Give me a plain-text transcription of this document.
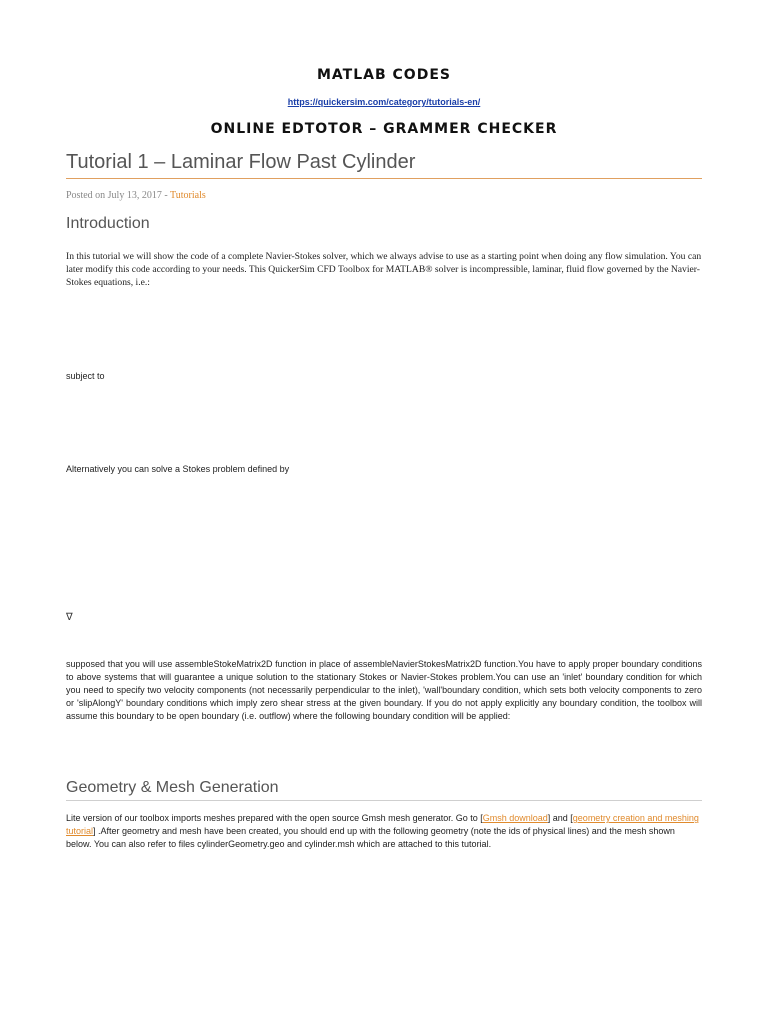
MATLAB CODES
https://quickersim.com/category/tutorials-en/
ONLINE EDTOTOR – GRAMMER CHECKER
Tutorial 1 – Laminar Flow Past Cylinder
Posted on July 13, 2017 - Tutorials
Introduction
In this tutorial we will show the code of a complete Navier-Stokes solver, which we always advise to use as a starting point when doing any flow simulation. You can later modify this code according to your needs. This QuickerSim CFD Toolbox for MATLAB® solver is incompressible, laminar, fluid flow governed by the Navier-Stokes equations, i.e.:
subject to
Alternatively you can solve a Stokes problem defined by
∇
supposed that you will use assembleStokeMatrix2D function in place of assembleNavierStokesMatrix2D function.You have to apply proper boundary conditions to above systems that will guarantee a unique solution to the stationary Stokes or Navier-Stokes problem.You can use an 'inlet' boundary condition for which you need to specify two velocity components (not necessarily perpendicular to the inlet), 'wall'boundary condition, which sets both velocity components to zero or 'slipAlongY' boundary conditions which imply zero shear stress at the given boundary. If you do not apply explicitly any boundary condition, the toolbox will assume this boundary to be open boundary (i.e. outflow) where the following boundary condition will be applied:
Geometry & Mesh Generation
Lite version of our toolbox imports meshes prepared with the open source Gmsh mesh generator. Go to [Gmsh download] and [geometry creation and meshing tutorial] .After geometry and mesh have been created, you should end up with the following geometry (note the ids of physical lines) and the mesh shown below. You can also refer to files cylinderGeometry.geo and cylinder.msh which are attached to this tutorial.
